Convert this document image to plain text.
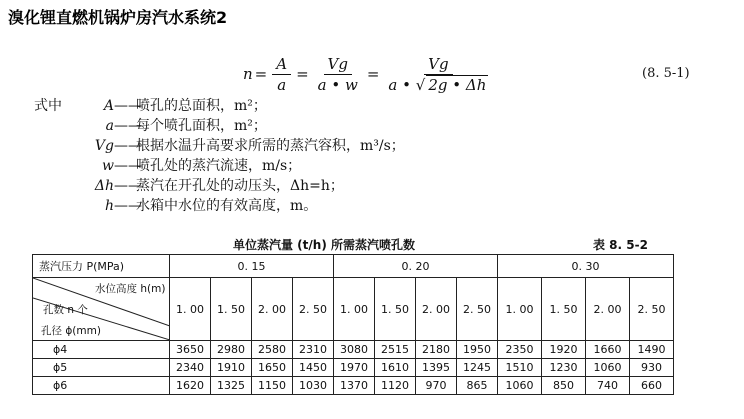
溴化锂直燃机锅炉房汽水系统2
$n = \frac{A}{a} = \frac{Vg}{a • w} = \frac{Vg}{a • √ 2g • \Delta h}$	(8. 5-1)
式中	A ——
喷孔的总面积，m²；
a ——
每个喷孔面积，m²；
Vg ——
根据水温升高要求所需的蒸汽容积，m³/s；
w ——
喷孔处的蒸汽流速，m/s；
Δh ——
蒸汽在开孔处的动压头，Δh=h；
h ——
水箱中水位的有效高度，m。
单位蒸汽量 (t/h) 所需蒸汽喷孔数	表 8. 5-2
蒸汽压力 P(MPa)	0. 15				0. 20				0. 30			

水位高度 h(m)
孔数 n 个
孔径 ϕ(mm)	1. 00	1. 50	2. 00	2. 50	1. 00	1. 50	2. 00	2. 50	1. 00	1. 50	2. 00	2. 50
ϕ4	3650	2980	2580	2310	3080	2515	2180	1950	2350	1920	1660	1490
ϕ5	2340	1910	1650	1450	1970	1610	1395	1245	1510	1230	1060	930
ϕ6	1620	1325	1150	1030	1370	1120	970	865	1060	850	740	660
